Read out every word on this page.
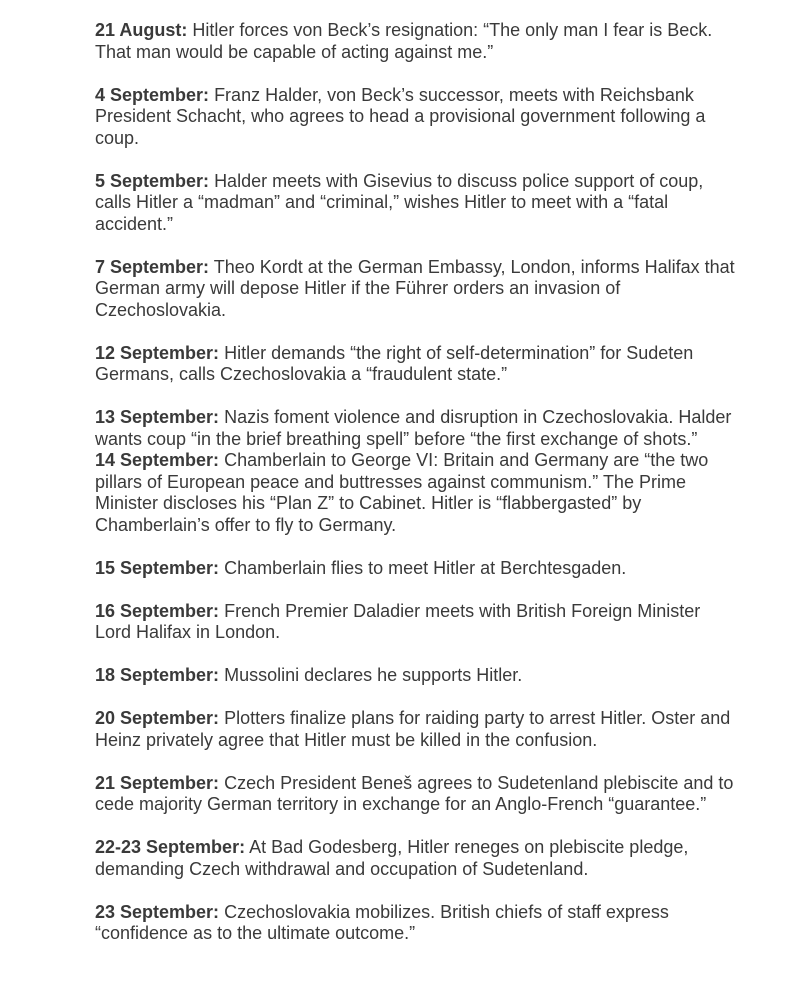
21 August: Hitler forces von Beck’s resignation: “The only man I fear is Beck. That man would be capable of acting against me.”

4 September: Franz Halder, von Beck’s successor, meets with Reichsbank President Schacht, who agrees to head a provisional government following a coup.

5 September: Halder meets with Gisevius to discuss police support of coup, calls Hitler a “madman” and “criminal,” wishes Hitler to meet with a “fatal accident.”

7 September: Theo Kordt at the German Embassy, London, informs Halifax that German army will depose Hitler if the Führer orders an invasion of Czechoslovakia.

12 September: Hitler demands “the right of self-determination” for Sudeten Germans, calls Czechoslovakia a “fraudulent state.”

13 September: Nazis foment violence and disruption in Czechoslovakia. Halder wants coup “in the brief breathing spell” before “the first exchange of shots.”

14 September: Chamberlain to George VI: Britain and Germany are “the two pillars of European peace and buttresses against communism.” The Prime Minister discloses his “Plan Z” to Cabinet. Hitler is “flabbergasted” by Chamberlain’s offer to fly to Germany.

15 September: Chamberlain flies to meet Hitler at Berchtesgaden.

16 September: French Premier Daladier meets with British Foreign Minister Lord Halifax in London.

18 September: Mussolini declares he supports Hitler.

20 September: Plotters finalize plans for raiding party to arrest Hitler. Oster and Heinz privately agree that Hitler must be killed in the confusion.

21 September: Czech President Beneš agrees to Sudetenland plebiscite and to cede majority German territory in exchange for an Anglo-French “guarantee.”

22-23 September: At Bad Godesberg, Hitler reneges on plebiscite pledge, demanding Czech withdrawal and occupation of Sudetenland.

23 September: Czechoslovakia mobilizes. British chiefs of staff express “confidence as to the ultimate outcome.”
